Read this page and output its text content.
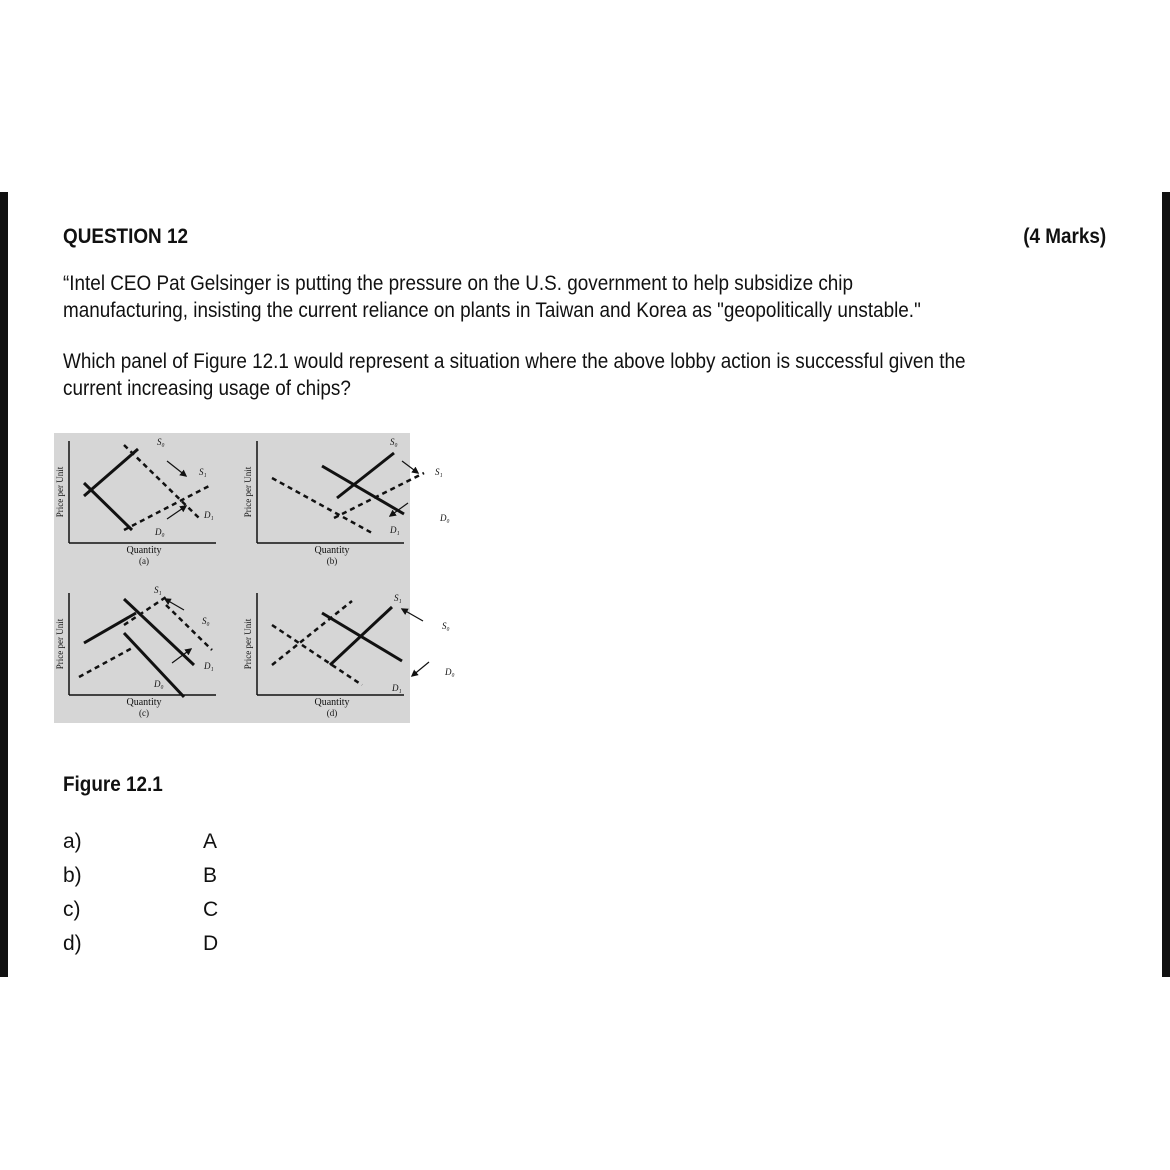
QUESTION 12	(4 Marks)
“Intel CEO Pat Gelsinger is putting the pressure on the U.S. government to help subsidize chip
manufacturing, insisting the current reliance on plants in Taiwan and Korea as "geopolitically unstable."
Which panel of Figure 12.1 would represent a situation where the above lobby action is successful given the
current increasing usage of chips?
Price per Unit
Quantity
(a)
S₀
S₁
D₁
D₀
Price per Unit
Quantity
(b)
S₀
S₁
D₀
D₁
Price per Unit
Quantity
(c)
S₁
S₀
D₁
D₀
Price per Unit
Quantity
(d)
S₁
S₀
D₀
D₁
Figure 12.1
a)	A
b)	B
c)	C
d)	D
